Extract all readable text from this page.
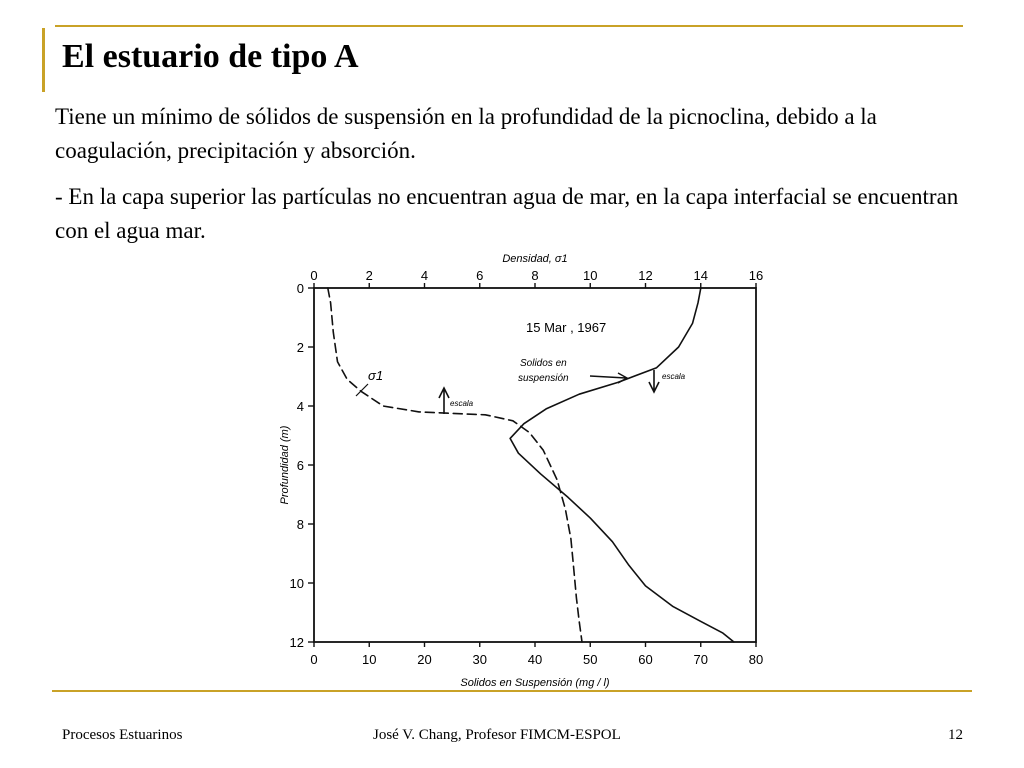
El estuario de tipo A

Tiene un mínimo de sólidos de suspensión en la profundidad de la picnoclina, debido a la coagulación, precipitación y absorción.

- En la capa superior las partículas no encuentran agua de mar, en la capa interfacial se encuentran con el agua mar.

0
2
4
6
8
10
12
0	2	4	6	8	10	12	14	16
0	10	20	30	40	50	60	70	80
Densidad, σ1
Solidos en Suspensión (mg / l)
Profundidad (m)
15 Mar , 1967
σ1
Solidos en
suspensión
escala
escala

Procesos Estuarinos	José V. Chang, Profesor FIMCM-ESPOL	12
